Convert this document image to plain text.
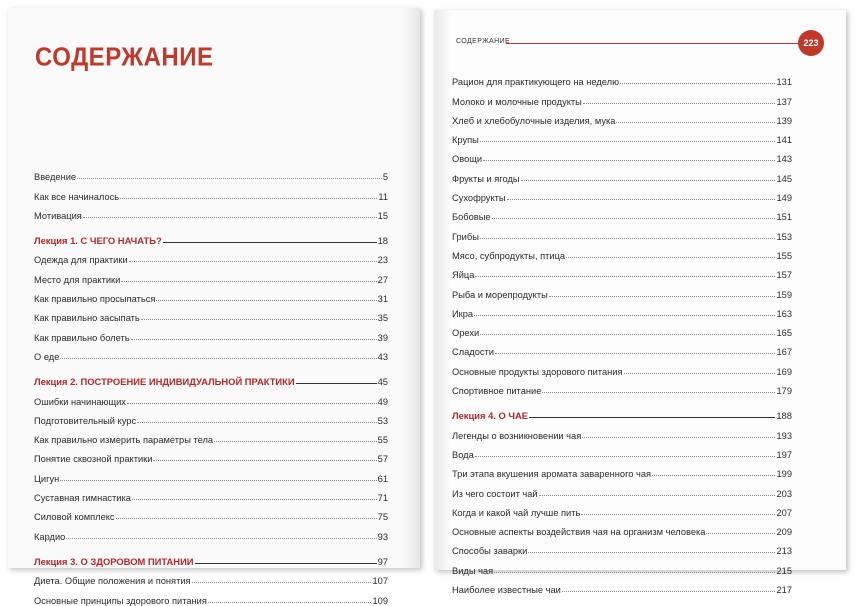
СОДЕРЖАНИЕ
Введение	5
Как все начиналось	11
Мотивация	15
Лекция 1. С ЧЕГО НАЧАТЬ?	18
Одежда для практики	23
Место для практики	27
Как правильно просыпаться	31
Как правильно засыпать	35
Как правильно болеть	39
О еде	43
Лекция 2. ПОСТРОЕНИЕ ИНДИВИДУАЛЬНОЙ ПРАКТИКИ	45
Ошибки начинающих	49
Подготовительный курс	53
Как правильно измерить параметры тела	55
Понятие сквозной практики	57
Цигун	61
Суставная гимнастика	71
Силовой комплекс	75
Кардио	93
Лекция 3. О ЗДОРОВОМ ПИТАНИИ	97
Диета. Общие положения и понятия	107
Основные принципы здорового питания	109
СОДЕРЖАНИЕ	223
Рацион для практикующего на неделю	131
Молоко и молочные продукты	137
Хлеб и хлебобулочные изделия, мука	139
Крупы	141
Овощи	143
Фрукты и ягоды	145
Сухофрукты	149
Бобовые	151
Грибы	153
Мясо, субпродукты, птица	155
Яйца	157
Рыба и морепродукты	159
Икра	163
Орехи	165
Сладости	167
Основные продукты здорового питания	169
Спортивное питание	179
Лекция 4. О ЧАЕ	188
Легенды о возникновении чая	193
Вода	197
Три этапа вкушения аромата заваренного чая	199
Из чего состоит чай	203
Когда и какой чай лучше пить	207
Основные аспекты воздействия чая на организм человека	209
Способы заварки	213
Виды чая	215
Наиболее известные чаи	217
